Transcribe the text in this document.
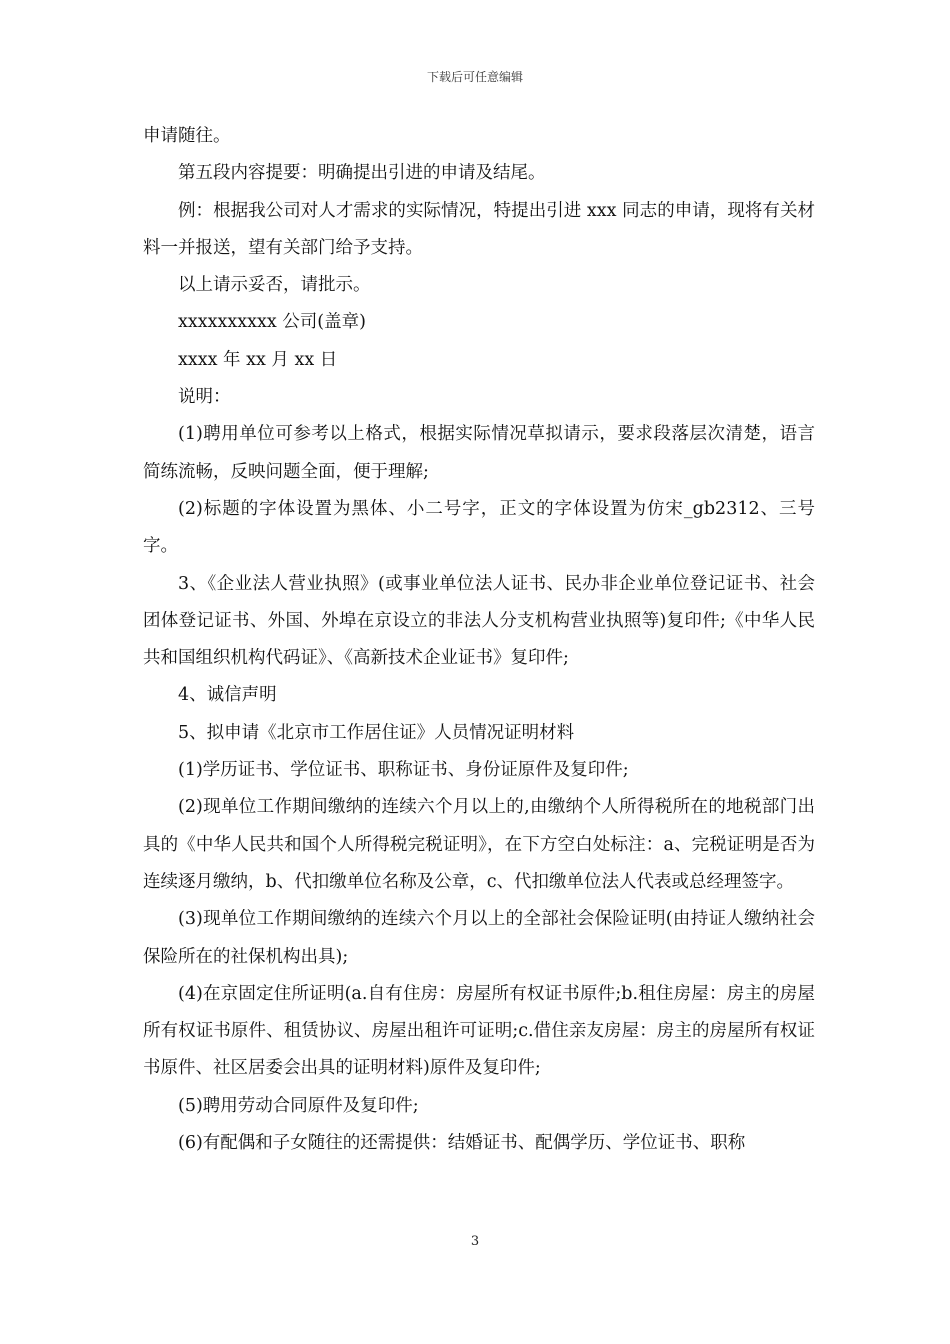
下载后可任意编辑

申请随往。

第五段内容提要：明确提出引进的申请及结尾。

例：根据我公司对人才需求的实际情况，特提出引进 xxx 同志的申请，现将有关材料一并报送，望有关部门给予支持。

以上请示妥否，请批示。

xxxxxxxxxx 公司(盖章)

xxxx 年 xx 月 xx 日

说明：

(1)聘用单位可参考以上格式，根据实际情况草拟请示，要求段落层次清楚，语言简练流畅，反映问题全面，便于理解;

(2)标题的字体设置为黑体、小二号字，正文的字体设置为仿宋_gb2312、三号字。

3、《企业法人营业执照》(或事业单位法人证书、民办非企业单位登记证书、社会团体登记证书、外国、外埠在京设立的非法人分支机构营业执照等)复印件;《中华人民共和国组织机构代码证》、《高新技术企业证书》复印件;

4、诚信声明

5、拟申请《北京市工作居住证》人员情况证明材料

(1)学历证书、学位证书、职称证书、身份证原件及复印件;

(2)现单位工作期间缴纳的连续六个月以上的,由缴纳个人所得税所在的地税部门出具的《中华人民共和国个人所得税完税证明》，在下方空白处标注：a、完税证明是否为连续逐月缴纳，b、代扣缴单位名称及公章，c、代扣缴单位法人代表或总经理签字。

(3)现单位工作期间缴纳的连续六个月以上的全部社会保险证明(由持证人缴纳社会保险所在的社保机构出具);

(4)在京固定住所证明(a.自有住房：房屋所有权证书原件;b.租住房屋：房主的房屋所有权证书原件、租赁协议、房屋出租许可证明;c.借住亲友房屋：房主的房屋所有权证书原件、社区居委会出具的证明材料)原件及复印件;

(5)聘用劳动合同原件及复印件;

(6)有配偶和子女随往的还需提供：结婚证书、配偶学历、学位证书、职称

3
